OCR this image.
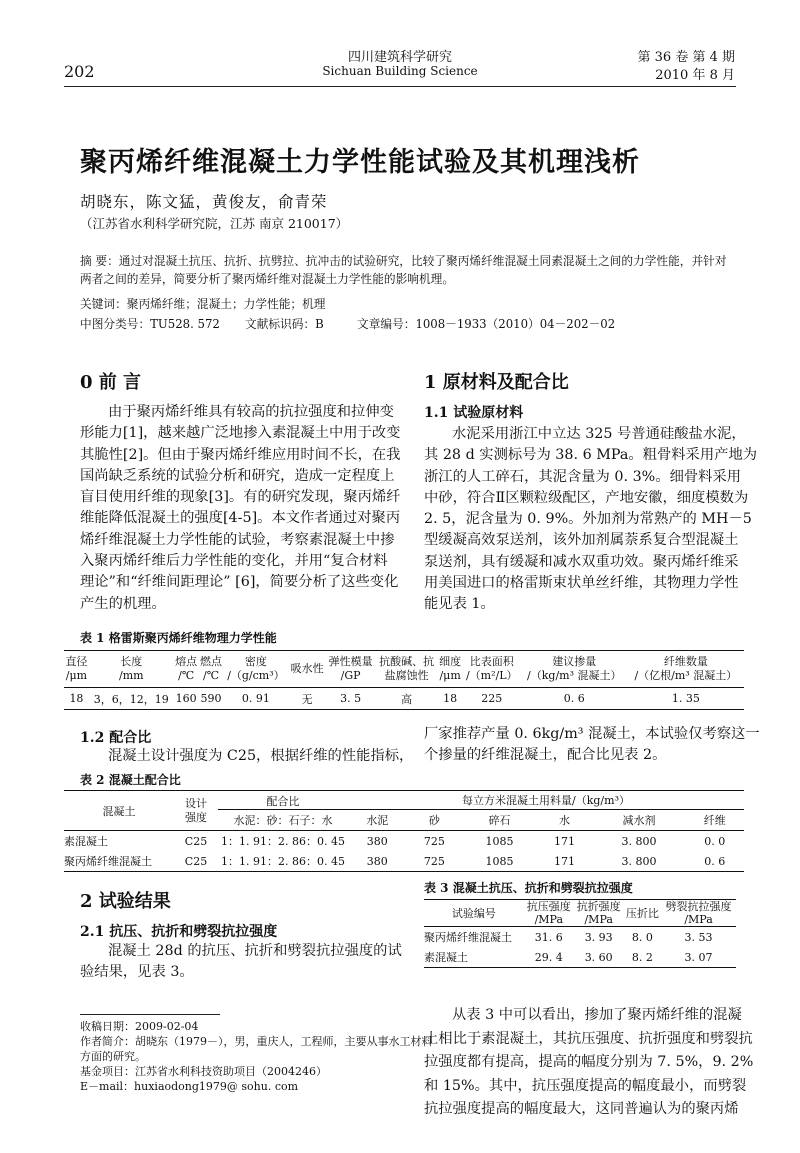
202
四川建筑科学研究
Sichuan Building Science
第 36 卷 第 4 期
2010 年 8 月
聚丙烯纤维混凝土力学性能试验及其机理浅析
胡晓东，陈文猛，黄俊友，俞青荣
（江苏省水利科学研究院，江苏 南京 210017）
摘 要：通过对混凝土抗压、抗折、抗劈拉、抗冲击的试验研究，比较了聚丙烯纤维混凝土同素混凝土之间的力学性能，并针对
两者之间的差异，简要分析了聚丙烯纤维对混凝土力学性能的影响机理。
关键词：聚丙烯纤维；混凝土；力学性能；机理
中图分类号：TU528. 572 文献标识码：B	文章编号：1008－1933（2010）04－202－02
0 前 言
由于聚丙烯纤维具有较高的抗拉强度和拉伸变
形能力[1]，越来越广泛地掺入素混凝土中用于改变
其脆性[2]。但由于聚丙烯纤维应用时间不长，在我
国尚缺乏系统的试验分析和研究，造成一定程度上
盲目使用纤维的现象[3]。有的研究发现，聚丙烯纤
维能降低混凝土的强度[4-5]。本文作者通过对聚丙
烯纤维混凝土力学性能的试验，考察素混凝土中掺
入聚丙烯纤维后力学性能的变化，并用“复合材料
理论”和“纤维间距理论” [6]，简要分析了这些变化
产生的机理。
1 原材料及配合比
1.1 试验原材料
水泥采用浙江中立达 325 号普通硅酸盐水泥，
其 28 d 实测标号为 38. 6 MPa。粗骨料采用产地为
浙江的人工碎石，其泥含量为 0. 3%。细骨料采用
中砂，符合Ⅱ区颗粒级配区，产地安徽，细度模数为
2. 5，泥含量为 0. 9%。外加剂为常熟产的 MH－5
型缓凝高效泵送剂，该外加剂属萘系复合型混凝土
泵送剂，具有缓凝和减水双重功效。聚丙烯纤维采
用美国进口的格雷斯束状单丝纤维，其物理力学性
能见表 1。
表 1 格雷斯聚丙烯纤维物理力学性能
直径
/μm	长度
/mm	熔点
/℃	燃点
/℃	密度
/（g/cm³）	吸水性	弹性模量
/GP	抗酸碱、抗
盐腐蚀性	细度
/μm	比表面积
/（m²/L）	建议掺量
/（kg/m³ 混凝土）	纤维数量
/（亿根/m³ 混凝土）
18	3，6，12，19	160	590	0. 91	无	3. 5	高	18	225	0. 6	1. 35
1.2 配合比
混凝土设计强度为 C25，根据纤维的性能指标，
厂家推荐产量 0. 6kg/m³ 混凝土，本试验仅考察这一
个掺量的纤维混凝土，配合比见表 2。
表 2 混凝土配合比
混凝土	设计
强度	配合比	每立方米混凝土用料量/（kg/m³）					
		水泥：砂：石子：水	水泥	砂	碎石	水	减水剂	纤维
素混凝土	C25	1：1. 91：2. 86：0. 45	380	725	1085	171	3. 800	0. 0
聚丙烯纤维混凝土	C25	1：1. 91：2. 86：0. 45	380	725	1085	171	3. 800	0. 6
2 试验结果
2.1 抗压、抗折和劈裂抗拉强度
混凝土 28d 的抗压、抗折和劈裂抗拉强度的试
验结果，见表 3。
表 3 混凝土抗压、抗折和劈裂抗拉强度
试验编号	抗压强度
/MPa	抗折强度
/MPa	压折比	劈裂抗拉强度
/MPa
聚丙烯纤维混凝土	31. 6	3. 93	8. 0	3. 53
素混凝土	29. 4	3. 60	8. 2	3. 07
从表 3 中可以看出，掺加了聚丙烯纤维的混凝
土相比于素混凝土，其抗压强度、抗折强度和劈裂抗
拉强度都有提高，提高的幅度分别为 7. 5%，9. 2%
和 15%。其中，抗压强度提高的幅度最小，而劈裂
抗拉强度提高的幅度最大，这同普遍认为的聚丙烯
收稿日期：2009-02-04
作者简介：胡晓东（1979－），男，重庆人，工程师，主要从事水工材料
方面的研究。
基金项目：江苏省水利科技资助项目（2004246）
E－mail：huxiaodong1979@ sohu. com
